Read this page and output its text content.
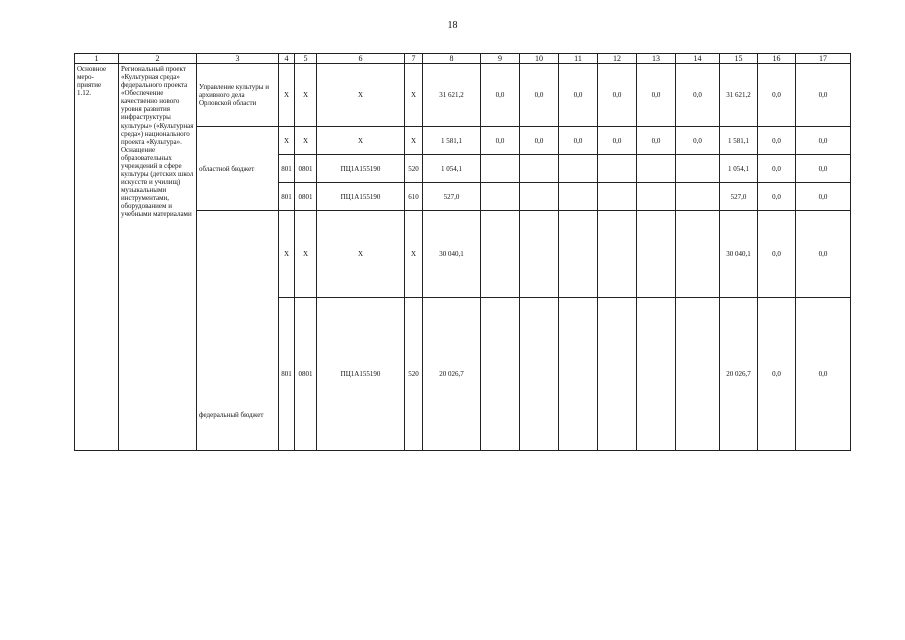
18
1	2	3	4	5	6	7	8	9	10	11	12	13	14	15	16	17
Основное меро-приятие 1.12.	Региональный проект «Культурная среда» федерального проекта «Обеспечение качественно нового уровня развития инфраструктуры культуры» («Культурная среда») национального проекта «Культура». Оснащение образовательных учреждений в сфере культуры (детских школ искусств и училищ) музыкальными инструментами, оборудованием и учебными материалами	Управление культуры и архивного дела Орловской области	Х	Х	Х	Х	31 621,2	0,0	0,0	0,0	0,0	0,0	0,0	31 621,2	0,0	0,0
		областной бюджет	Х	Х	Х	Х	1 581,1	0,0	0,0	0,0	0,0	0,0	0,0	1 581,1	0,0	0,0
			801	0801	ПЦ1А155190	520	1 054,1							1 054,1	0,0	0,0
			801	0801	ПЦ1А155190	610	527,0							527,0	0,0	0,0

		федеральный бюджет	Х	Х	Х	Х	30 040,1							30 040,1	0,0	0,0
			801	0801	ПЦ1А155190	520	20 026,7							20 026,7	0,0	0,0
